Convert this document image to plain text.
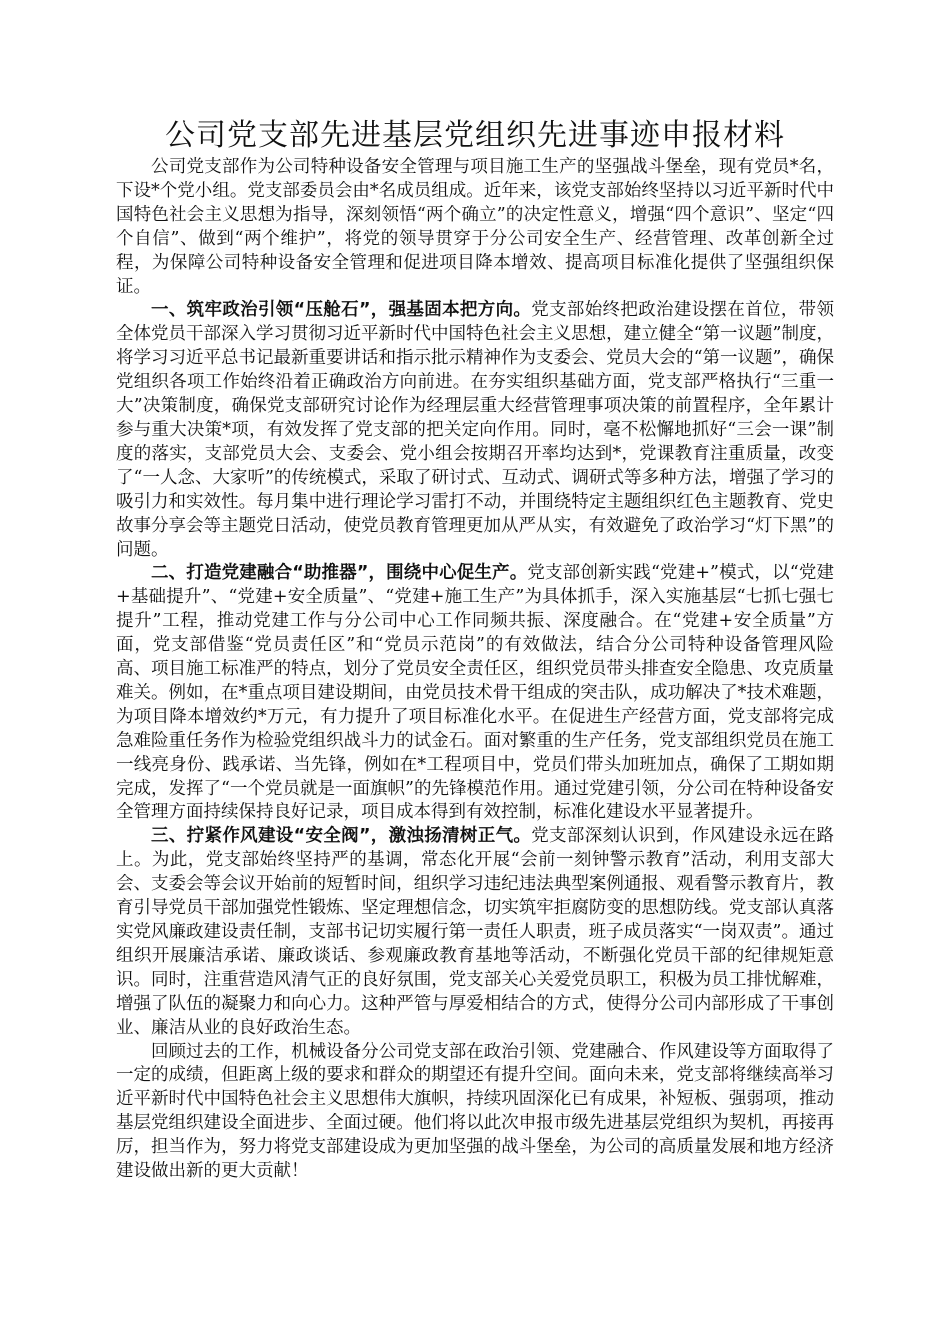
公司党支部先进基层党组织先进事迹申报材料

公司党支部作为公司特种设备安全管理与项目施工生产的坚强战斗堡垒，现有党员*名，下设*个党小组。党支部委员会由*名成员组成。近年来，该党支部始终坚持以习近平新时代中国特色社会主义思想为指导，深刻领悟“两个确立”的决定性意义，增强“四个意识”、坚定“四个自信”、做到“两个维护”，将党的领导贯穿于分公司安全生产、经营管理、改革创新全过程，为保障公司特种设备安全管理和促进项目降本增效、提高项目标准化提供了坚强组织保证。

一、筑牢政治引领“压舱石”，强基固本把方向。党支部始终把政治建设摆在首位，带领全体党员干部深入学习贯彻习近平新时代中国特色社会主义思想，建立健全“第一议题”制度，将学习习近平总书记最新重要讲话和指示批示精神作为支委会、党员大会的“第一议题”，确保党组织各项工作始终沿着正确政治方向前进。在夯实组织基础方面，党支部严格执行“三重一大”决策制度，确保党支部研究讨论作为经理层重大经营管理事项决策的前置程序，全年累计参与重大决策*项，有效发挥了党支部的把关定向作用。同时，毫不松懈地抓好“三会一课”制度的落实，支部党员大会、支委会、党小组会按期召开率均达到*，党课教育注重质量，改变了“一人念、大家听”的传统模式，采取了研讨式、互动式、调研式等多种方法，增强了学习的吸引力和实效性。每月集中进行理论学习雷打不动，并围绕特定主题组织红色主题教育、党史故事分享会等主题党日活动，使党员教育管理更加从严从实，有效避免了政治学习“灯下黑”的问题。

二、打造党建融合“助推器”，围绕中心促生产。党支部创新实践“党建+”模式，以“党建+基础提升”、“党建+安全质量”、“党建+施工生产”为具体抓手，深入实施基层“七抓七强七提升”工程，推动党建工作与分公司中心工作同频共振、深度融合。在“党建+安全质量”方面，党支部借鉴“党员责任区”和“党员示范岗”的有效做法，结合分公司特种设备管理风险高、项目施工标准严的特点，划分了党员安全责任区，组织党员带头排查安全隐患、攻克质量难关。例如，在*重点项目建设期间，由党员技术骨干组成的突击队，成功解决了*技术难题，为项目降本增效约*万元，有力提升了项目标准化水平。在促进生产经营方面，党支部将完成急难险重任务作为检验党组织战斗力的试金石。面对繁重的生产任务，党支部组织党员在施工一线亮身份、践承诺、当先锋，例如在*工程项目中，党员们带头加班加点，确保了工期如期完成，发挥了“一个党员就是一面旗帜”的先锋模范作用。通过党建引领，分公司在特种设备安全管理方面持续保持良好记录，项目成本得到有效控制，标准化建设水平显著提升。

三、拧紧作风建设“安全阀”，激浊扬清树正气。党支部深刻认识到，作风建设永远在路上。为此，党支部始终坚持严的基调，常态化开展“会前一刻钟警示教育”活动，利用支部大会、支委会等会议开始前的短暂时间，组织学习违纪违法典型案例通报、观看警示教育片，教育引导党员干部加强党性锻炼、坚定理想信念，切实筑牢拒腐防变的思想防线。党支部认真落实党风廉政建设责任制，支部书记切实履行第一责任人职责，班子成员落实“一岗双责”。通过组织开展廉洁承诺、廉政谈话、参观廉政教育基地等活动，不断强化党员干部的纪律规矩意识。同时，注重营造风清气正的良好氛围，党支部关心关爱党员职工，积极为员工排忧解难，增强了队伍的凝聚力和向心力。这种严管与厚爱相结合的方式，使得分公司内部形成了干事创业、廉洁从业的良好政治生态。

回顾过去的工作，机械设备分公司党支部在政治引领、党建融合、作风建设等方面取得了一定的成绩，但距离上级的要求和群众的期望还有提升空间。面向未来，党支部将继续高举习近平新时代中国特色社会主义思想伟大旗帜，持续巩固深化已有成果，补短板、强弱项，推动基层党组织建设全面进步、全面过硬。他们将以此次申报市级先进基层党组织为契机，再接再厉，担当作为，努力将党支部建设成为更加坚强的战斗堡垒，为公司的高质量发展和地方经济建设做出新的更大贡献！
